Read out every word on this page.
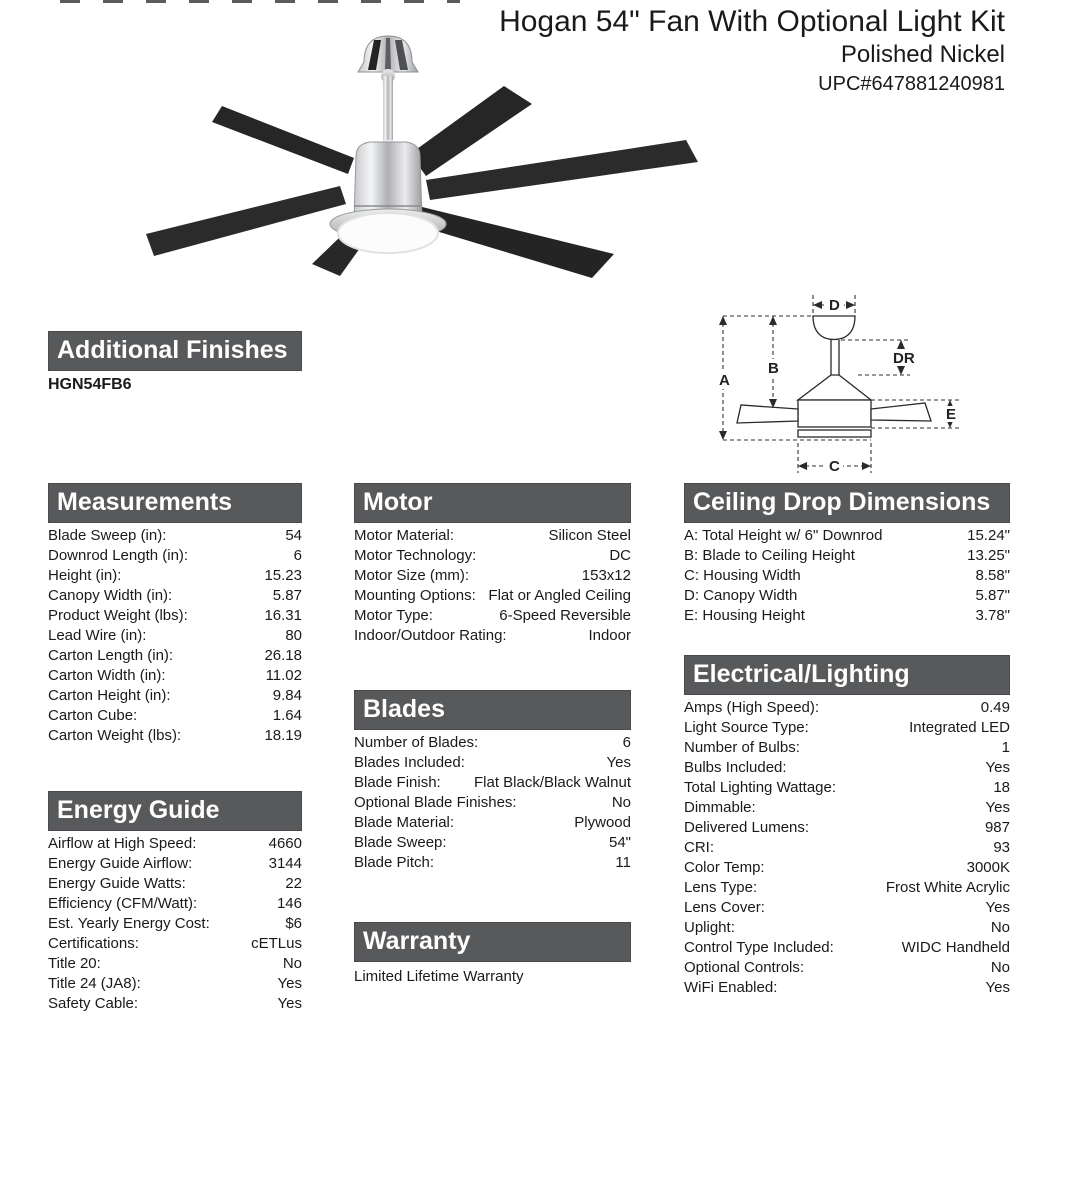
Hogan 54" Fan With Optional Light Kit
Polished Nickel
UPC#647881240981
A
B
D
DR
E
C
Additional Finishes
HGN54FB6
Measurements
Blade Sweep (in):	54
Downrod Length (in):	6
Height (in):	15.23
Canopy Width (in):	5.87
Product Weight (lbs):	16.31
Lead Wire (in):	80
Carton Length (in):	26.18
Carton Width (in):	11.02
Carton Height (in):	9.84
Carton Cube:	1.64
Carton Weight (lbs):	18.19
Energy Guide
Airflow at High Speed:	4660
Energy Guide Airflow:	3144
Energy Guide Watts:	22
Efficiency (CFM/Watt):	146
Est. Yearly Energy Cost:	$6
Certifications:	cETLus
Title 20:	No
Title 24 (JA8):	Yes
Safety Cable:	Yes
Motor
Motor Material:	Silicon Steel
Motor Technology:	DC
Motor Size (mm):	153x12
Mounting Options: Flat or Angled Ceiling
Motor Type:	6-Speed Reversible
Indoor/Outdoor Rating:	Indoor
Blades
Number of Blades:	6
Blades Included:	Yes
Blade Finish:	Flat Black/Black Walnut
Optional Blade Finishes:	No
Blade Material:	Plywood
Blade Sweep:	54"
Blade Pitch:	11
Warranty
Limited Lifetime Warranty
Ceiling Drop Dimensions
A: Total Height w/ 6" Downrod	15.24"
B: Blade to Ceiling Height	13.25"
C: Housing Width	8.58"
D: Canopy Width	5.87"
E: Housing Height	3.78"
Electrical/Lighting
Amps (High Speed):	0.49
Light Source Type:	Integrated LED
Number of Bulbs:	1
Bulbs Included:	Yes
Total Lighting Wattage:	18
Dimmable:	Yes
Delivered Lumens:	987
CRI:	93
Color Temp:	3000K
Lens Type:	Frost White Acrylic
Lens Cover:	Yes
Uplight:	No
Control Type Included:	WIDC Handheld
Optional Controls:	No
WiFi Enabled:	Yes
